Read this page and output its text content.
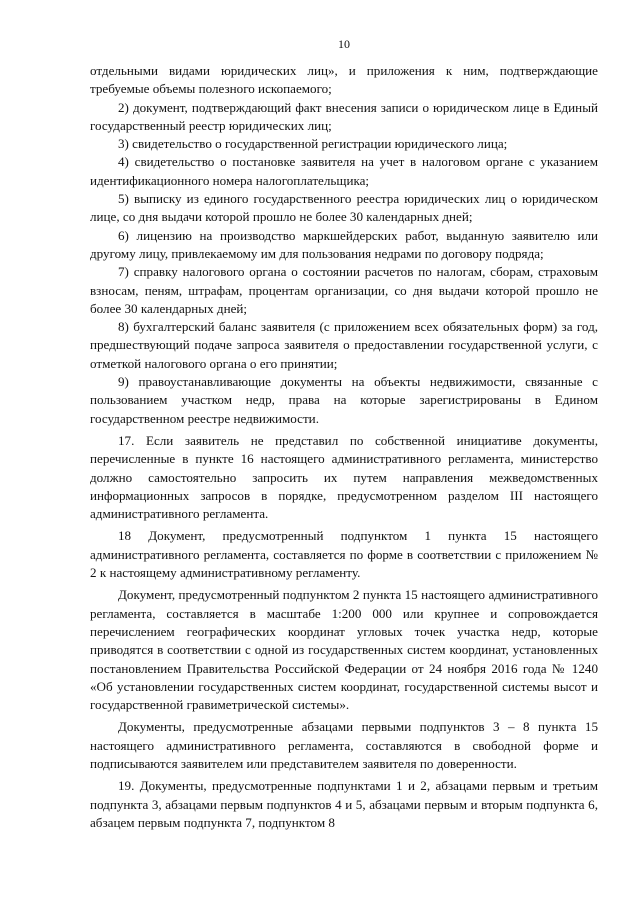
10

отдельными видами юридических лиц», и приложения к ним, подтверждающие требуемые объемы полезного ископаемого;

2) документ, подтверждающий факт внесения записи о юридическом лице в Единый государственный реестр юридических лиц;

3) свидетельство о государственной регистрации юридического лица;

4) свидетельство о постановке заявителя на учет в налоговом органе с указанием идентификационного номера налогоплательщика;

5) выписку из единого государственного реестра юридических лиц о юридическом лице, со дня выдачи которой прошло не более 30 календарных дней;

6) лицензию на производство маркшейдерских работ, выданную заявителю или другому лицу, привлекаемому им для пользования недрами по договору подряда;

7) справку налогового органа о состоянии расчетов по налогам, сборам, страховым взносам, пеням, штрафам, процентам организации, со дня выдачи которой прошло не более 30 календарных дней;

8) бухгалтерский баланс заявителя (с приложением всех обязательных форм) за год, предшествующий подаче запроса заявителя о предоставлении государственной услуги, с отметкой налогового органа о его принятии;

9) правоустанавливающие документы на объекты недвижимости, связанные с пользованием участком недр, права на которые зарегистрированы в Едином государственном реестре недвижимости.

17. Если заявитель не представил по собственной инициативе документы, перечисленные в пункте 16 настоящего административного регламента, министерство должно самостоятельно запросить их путем направления межведомственных информационных запросов в порядке, предусмотренном разделом III настоящего административного регламента.

18 Документ, предусмотренный подпунктом 1 пункта 15 настоящего административного регламента, составляется по форме в соответствии с приложением № 2 к настоящему административному регламенту.

Документ, предусмотренный подпунктом 2 пункта 15 настоящего административного регламента, составляется в масштабе 1:200 000 или крупнее и сопровождается перечислением географических координат угловых точек участка недр, которые приводятся в соответствии с одной из государственных систем координат, установленных постановлением Правительства Российской Федерации от 24 ноября 2016 года № 1240 «Об установлении государственных систем координат, государственной системы высот и государственной гравиметрической системы».

Документы, предусмотренные абзацами первыми подпунктов 3 – 8 пункта 15 настоящего административного регламента, составляются в свободной форме и подписываются заявителем или представителем заявителя по доверенности.

19. Документы, предусмотренные подпунктами 1 и 2, абзацами первым и третьим подпункта 3, абзацами первым подпунктов 4 и 5, абзацами первым и вторым подпункта 6, абзацем первым подпункта 7, подпунктом 8
